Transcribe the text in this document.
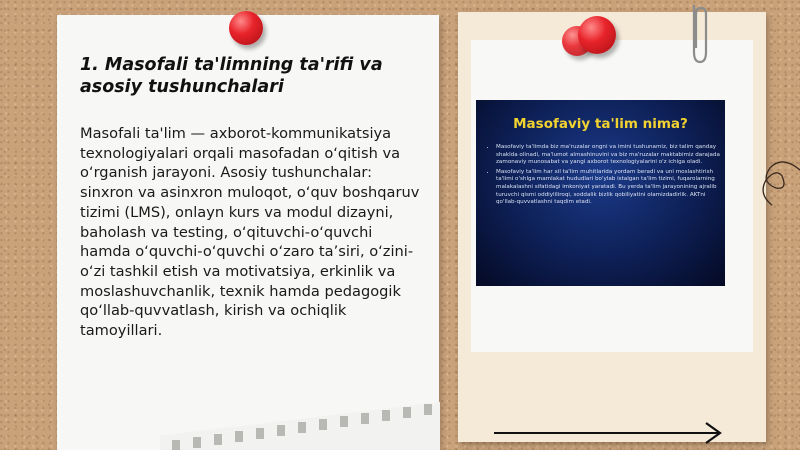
1. Masofali ta'limning ta'rifi va asosiy tushunchalari

Masofali ta'lim — axborot-kommunikatsiya texnologiyalari orqali masofadan o‘qitish va o‘rganish jarayoni. Asosiy tushunchalar: sinxron va asinxron muloqot, o‘quv boshqaruv tizimi (LMS), onlayn kurs va modul dizayni, baholash va testing, o‘qituvchi-o‘quvchi hamda o‘quvchi-o‘quvchi o‘zaro ta’siri, o‘zini-o‘zi tashkil etish va motivatsiya, erkinlik va moslashuvchanlik, texnik hamda pedagogik qo‘llab-quvvatlash, kirish va ochiqlik tamoyillari.

Masofaviy ta'lim nima?
• Masofaviy ta'limda biz ma'ruzalar ongni va imini tushunamiz, biz talim qanday shaklda olinadi, ma'lumot almashinuvini va biz ma'ruzalar maktabimiz darajada zamonaviy munosabat va yangi axborot texnologiyalarini o'z ichiga oladi.
• Masofaviy ta'lim har xil ta'lim muhitlarida yordam beradi va uni moslashtirish ta'limi o'shlga mamlakat hududlari bo'ylab istalgan ta'lim tizimi, fuqarolarning malakalashni sifatidagi imkoniyat yaratadi. Bu yerda ta'lim jarayonining ajralib turuvchi qismi oddiyliliroqi, soddalik bizlik qobiliyatini olamizdadirlik. AKTni qo'llab-quvvatlashni taqdim etadi.
